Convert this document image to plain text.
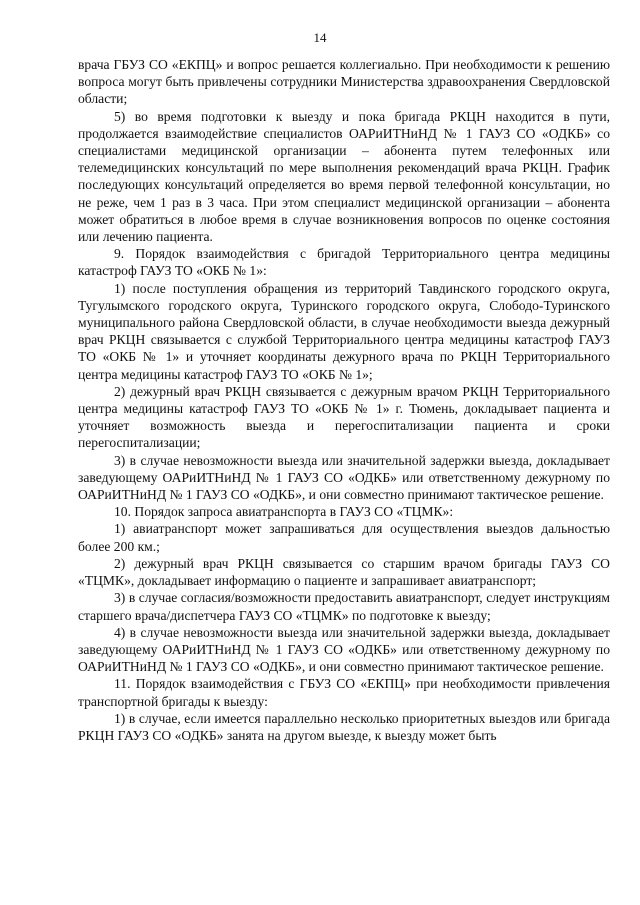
14

врача ГБУЗ СО «ЕКПЦ» и вопрос решается коллегиально. При необходимости к решению вопроса могут быть привлечены сотрудники Министерства здравоохранения Свердловской области;

5) во время подготовки к выезду и пока бригада РКЦН находится в пути, продолжается взаимодействие специалистов ОАРиИТНиНД № 1 ГАУЗ СО «ОДКБ» со специалистами медицинской организации – абонента путем телефонных или телемедицинских консультаций по мере выполнения рекомендаций врача РКЦН. График последующих консультаций определяется во время первой телефонной консультации, но не реже, чем 1 раз в 3 часа. При этом специалист медицинской организации – абонента может обратиться в любое время в случае возникновения вопросов по оценке состояния или лечению пациента.

9. Порядок взаимодействия с бригадой Территориального центра медицины катастроф ГАУЗ ТО «ОКБ № 1»:

1) после поступления обращения из территорий Тавдинского городского округа, Тугулымского городского округа, Туринского городского округа, Слободо-Туринского муниципального района Свердловской области, в случае необходимости выезда дежурный врач РКЦН связывается с службой Территориального центра медицины катастроф ГАУЗ ТО «ОКБ № 1» и уточняет координаты дежурного врача по РКЦН Территориального центра медицины катастроф ГАУЗ ТО «ОКБ № 1»;

2) дежурный врач РКЦН связывается с дежурным врачом РКЦН Территориального центра медицины катастроф ГАУЗ ТО «ОКБ № 1» г. Тюмень, докладывает пациента и уточняет возможность выезда и перегоспитализации пациента и сроки перегоспитализации;

3) в случае невозможности выезда или значительной задержки выезда, докладывает заведующему ОАРиИТНиНД № 1 ГАУЗ СО «ОДКБ» или ответственному дежурному по ОАРиИТНиНД № 1 ГАУЗ СО «ОДКБ», и они совместно принимают тактическое решение.

10. Порядок запроса авиатранспорта в ГАУЗ СО «ТЦМК»:

1) авиатранспорт может запрашиваться для осуществления выездов дальностью более 200 км.;

2) дежурный врач РКЦН связывается со старшим врачом бригады ГАУЗ СО «ТЦМК», докладывает информацию о пациенте и запрашивает авиатранспорт;

3) в случае согласия/возможности предоставить авиатранспорт, следует инструкциям старшего врача/диспетчера ГАУЗ СО «ТЦМК» по подготовке к выезду;

4) в случае невозможности выезда или значительной задержки выезда, докладывает заведующему ОАРиИТНиНД № 1 ГАУЗ СО «ОДКБ» или ответственному дежурному по ОАРиИТНиНД № 1 ГАУЗ СО «ОДКБ», и они совместно принимают тактическое решение.

11. Порядок взаимодействия с ГБУЗ СО «ЕКПЦ» при необходимости привлечения транспортной бригады к выезду:

1) в случае, если имеется параллельно несколько приоритетных выездов или бригада РКЦН ГАУЗ СО «ОДКБ» занята на другом выезде, к выезду может быть
